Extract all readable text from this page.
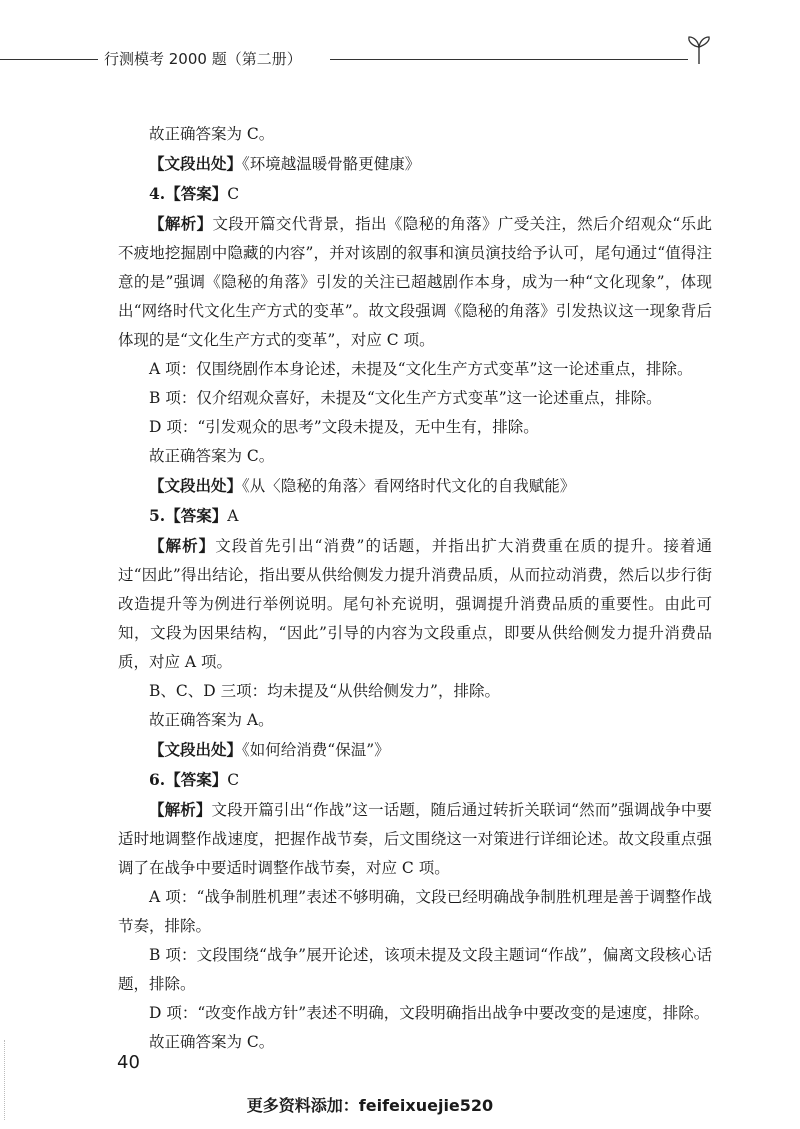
行测模考 2000 题（第二册）

故正确答案为 C。

【文段出处】《环境越温暖骨骼更健康》

4.【答案】C

【解析】文段开篇交代背景，指出《隐秘的角落》广受关注，然后介绍观众“乐此不疲地挖掘剧中隐藏的内容”，并对该剧的叙事和演员演技给予认可，尾句通过“值得注意的是”强调《隐秘的角落》引发的关注已超越剧作本身，成为一种“文化现象”，体现出“网络时代文化生产方式的变革”。故文段强调《隐秘的角落》引发热议这一现象背后体现的是“文化生产方式的变革”，对应 C 项。

A 项：仅围绕剧作本身论述，未提及“文化生产方式变革”这一论述重点，排除。

B 项：仅介绍观众喜好，未提及“文化生产方式变革”这一论述重点，排除。

D 项：“引发观众的思考”文段未提及，无中生有，排除。

故正确答案为 C。

【文段出处】《从〈隐秘的角落〉看网络时代文化的自我赋能》

5.【答案】A

【解析】文段首先引出“消费”的话题，并指出扩大消费重在质的提升。接着通过“因此”得出结论，指出要从供给侧发力提升消费品质，从而拉动消费，然后以步行街改造提升等为例进行举例说明。尾句补充说明，强调提升消费品质的重要性。由此可知，文段为因果结构，“因此”引导的内容为文段重点，即要从供给侧发力提升消费品质，对应 A 项。

B、C、D 三项：均未提及“从供给侧发力”，排除。

故正确答案为 A。

【文段出处】《如何给消费“保温”》

6.【答案】C

【解析】文段开篇引出“作战”这一话题，随后通过转折关联词“然而”强调战争中要适时地调整作战速度，把握作战节奏，后文围绕这一对策进行详细论述。故文段重点强调了在战争中要适时调整作战节奏，对应 C 项。

A 项：“战争制胜机理”表述不够明确，文段已经明确战争制胜机理是善于调整作战节奏，排除。

B 项：文段围绕“战争”展开论述，该项未提及文段主题词“作战”，偏离文段核心话题，排除。

D 项：“改变作战方针”表述不明确，文段明确指出战争中要改变的是速度，排除。

故正确答案为 C。

40
更多资料添加：feifeixuejie520
